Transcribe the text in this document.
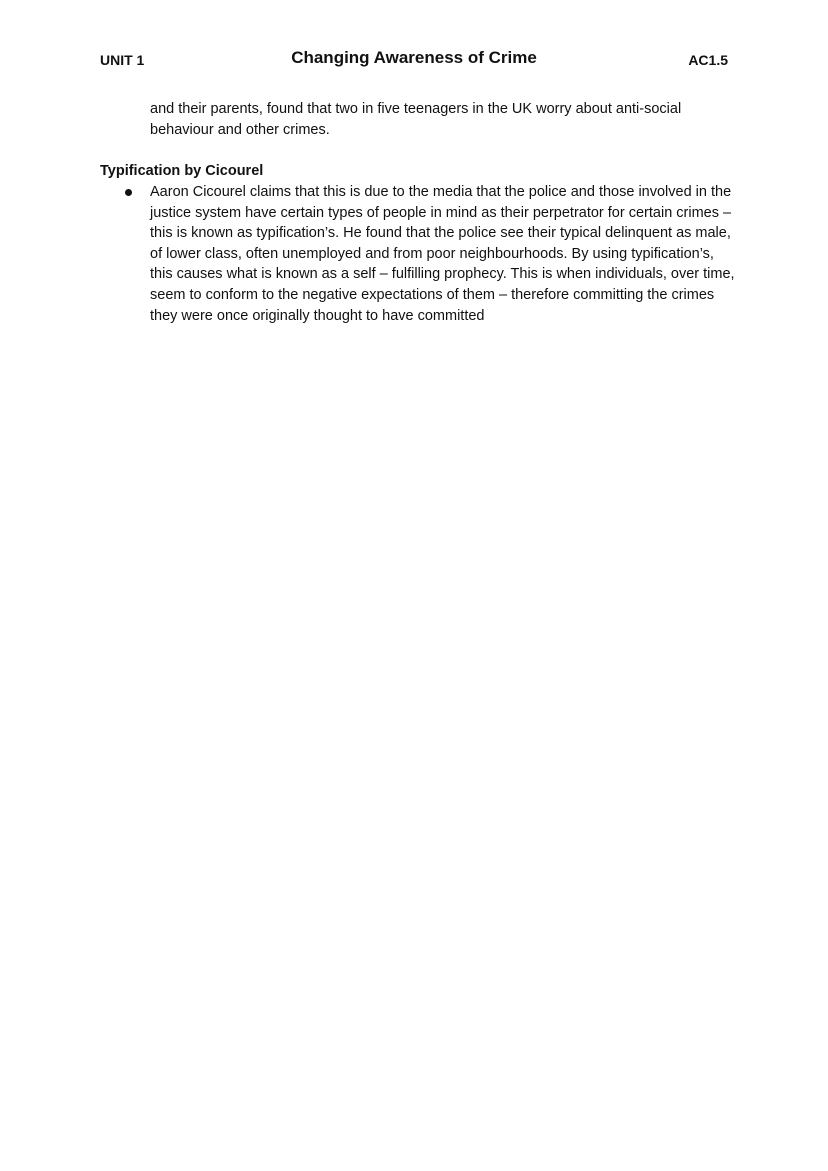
UNIT 1	Changing Awareness of Crime	AC1.5

and their parents, found that two in five teenagers in the UK worry about anti-social behaviour and other crimes.

Typification by Cicourel
Aaron Cicourel claims that this is due to the media that the police and those involved in the justice system have certain types of people in mind as their perpetrator for certain crimes – this is known as typification’s. He found that the police see their typical delinquent as male, of lower class, often unemployed and from poor neighbourhoods. By using typification’s, this causes what is known as a self – fulfilling prophecy. This is when individuals, over time, seem to conform to the negative expectations of them – therefore committing the crimes they were once originally thought to have committed
